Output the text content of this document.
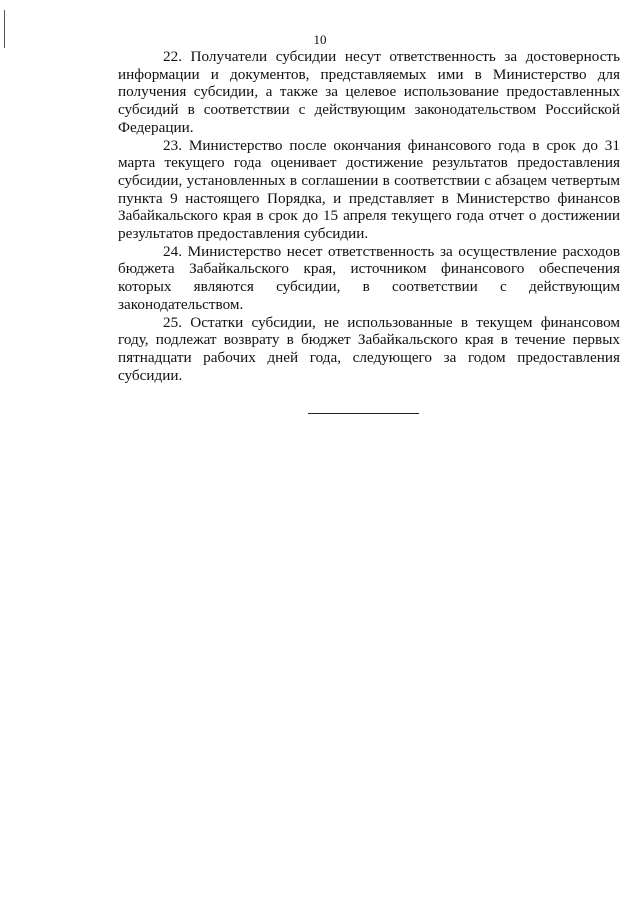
10

22. Получатели субсидии несут ответственность за достоверность информации и документов, представляемых ими в Министерство для получения субсидии, а также за целевое использование предоставленных субсидий в соответствии с действующим законодательством Российской Федерации.

23. Министерство после окончания финансового года в срок до 31 марта текущего года оценивает достижение результатов предоставления субсидии, установленных в соглашении в соответствии с абзацем четвертым пункта 9 настоящего Порядка, и представляет в Министерство финансов Забайкальского края в срок до 15 апреля текущего года отчет о достижении результатов предоставления субсидии.

24. Министерство несет ответственность за осуществление расходов бюджета Забайкальского края, источником финансового обеспечения которых являются субсидии, в соответствии с действующим законодательством.

25. Остатки субсидии, не использованные в текущем финансовом году, подлежат возврату в бюджет Забайкальского края в течение первых пятнадцати рабочих дней года, следующего за годом предоставления субсидии.
